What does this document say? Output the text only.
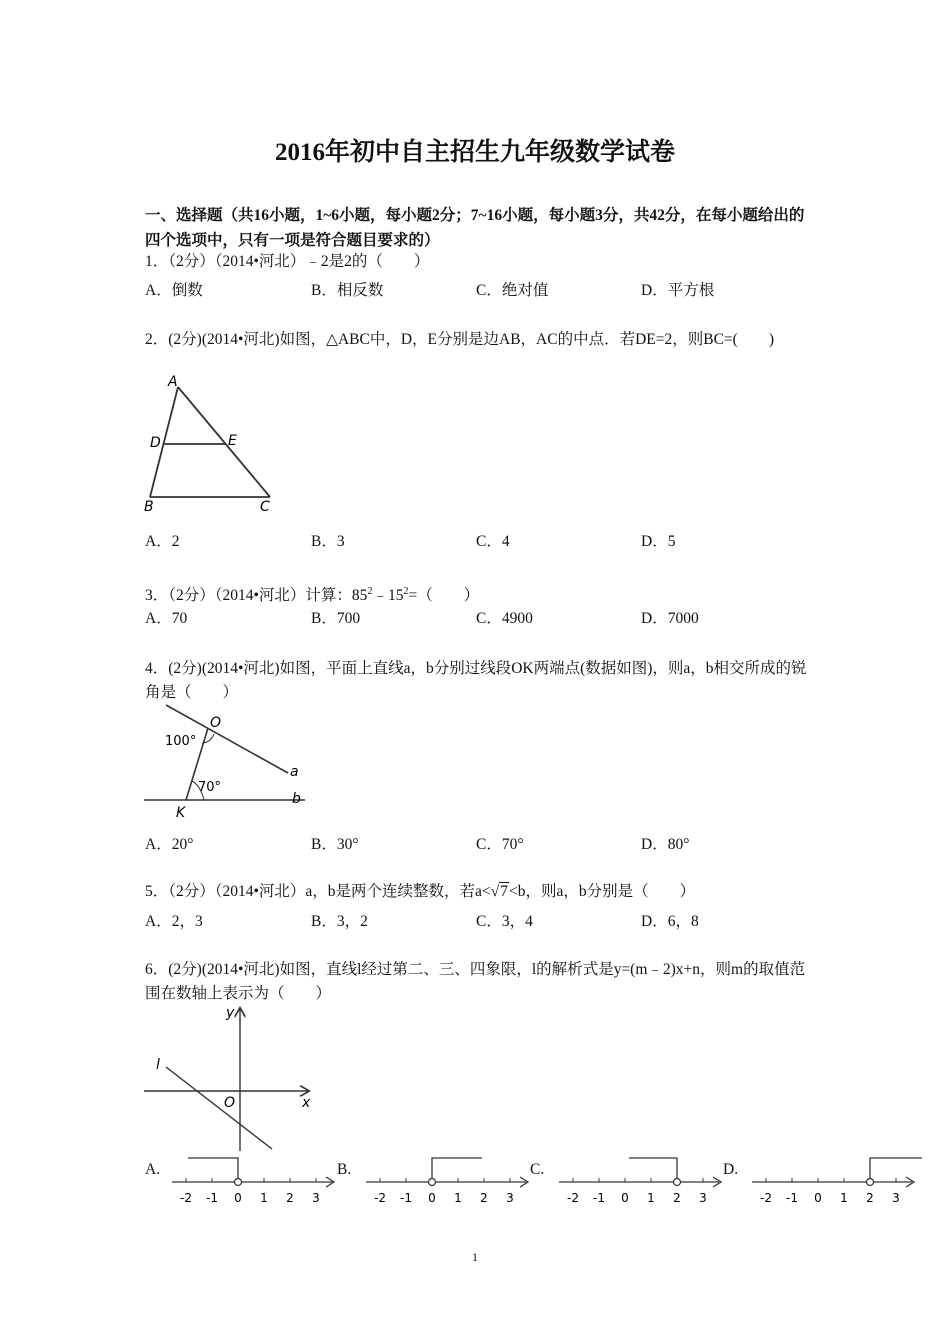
2016年初中自主招生九年级数学试卷
一、选择题（共16小题，1~6小题，每小题2分；7~16小题，每小题3分，共42分，在每小题给出的四个选项中，只有一项是符合题目要求的）
1．（2分）（2014•河北）﹣2是2的（　　）
A．倒数	B．相反数	C．绝对值	D．平方根
2．(2分)(2014•河北)如图，△ABC中，D，E分别是边AB，AC的中点．若DE=2，则BC=(　　)
A
D	E
B	C
A．2	B．3	C．4	D．5
3．（2分）（2014•河北）计算：$85^2﹣15^2=$（　　）
A．70	B．700	C．4900	D．7000
4．(2分)(2014•河北)如图，平面上直线a，b分别过线段OK两端点(数据如图)，则a，b相交所成的锐角是（　　）
O
100°
70°
a
b
K
A．20°	B．30°	C．70°	D．80°
5．（2分）（2014•河北）a，b是两个连续整数，若a<√7<b，则a，b分别是（　　）
A．2，3	B．3，2	C．3，4	D．6，8
6．(2分)(2014•河北)如图，直线l经过第二、三、四象限，l的解析式是y=(m﹣2)x+n，则m的取值范围在数轴上表示为（　　）
y
l
O	x
A.	B.	C.	D.
-2 -1 0 1 2 3	-2 -1 0 1 2 3	-2 -1 0 1 2 3	-2 -1 0 1 2 3
1
